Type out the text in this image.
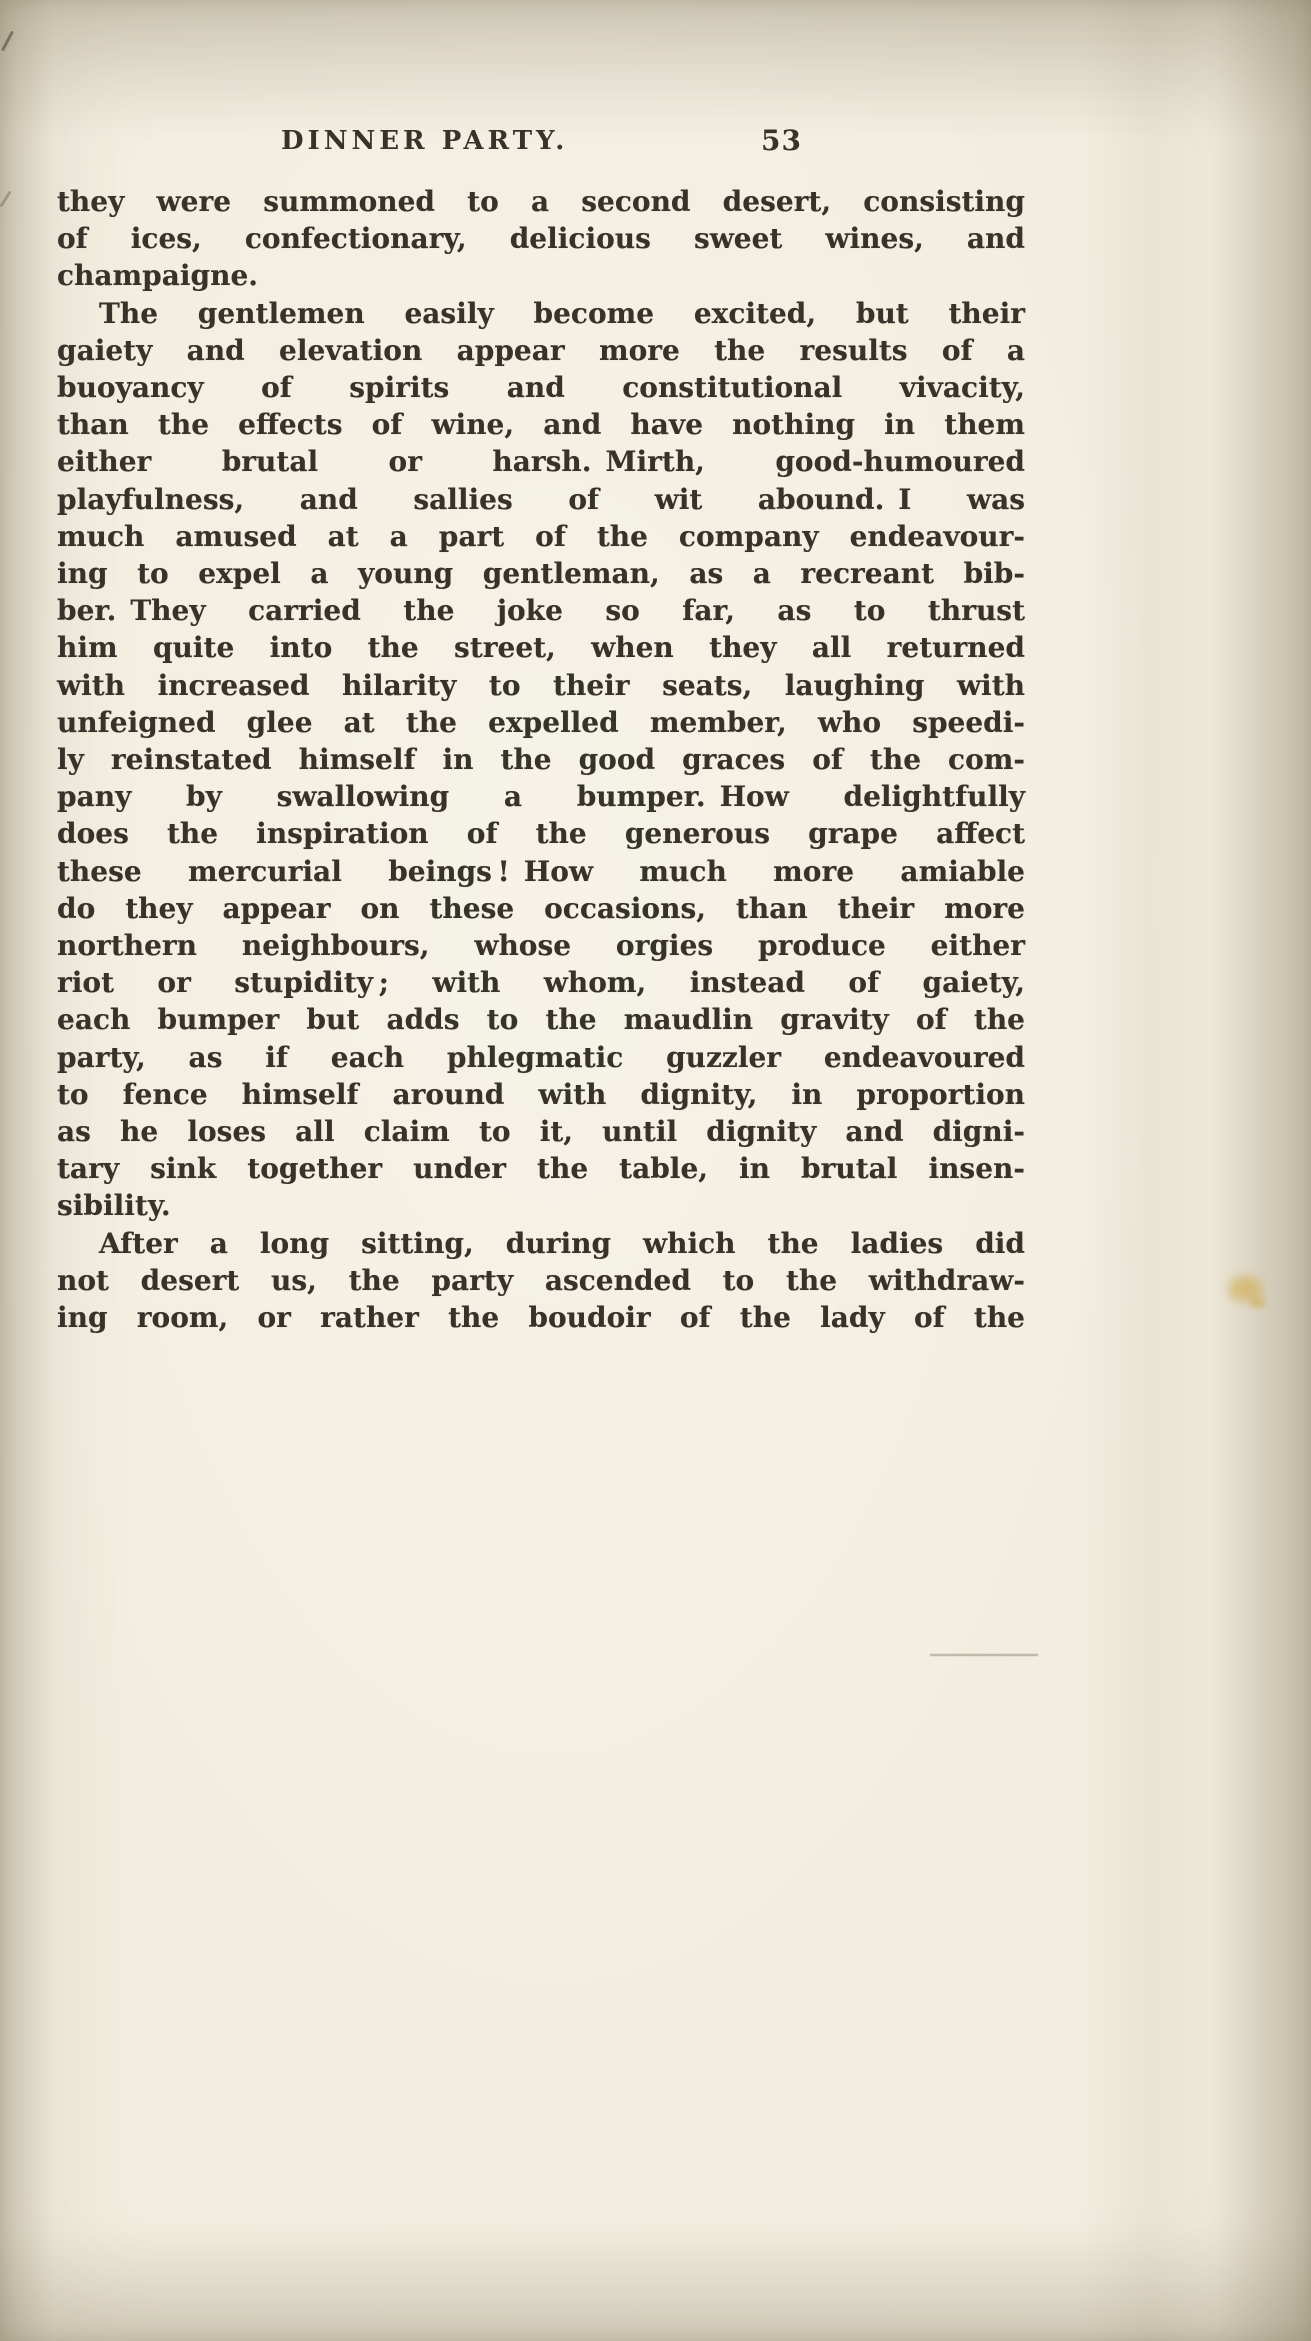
DINNER PARTY.	53
they were summoned to a second desert, consisting
of ices, confectionary, delicious sweet wines, and
champaigne.
The gentlemen easily become excited, but their
gaiety and elevation appear more the results of a
buoyancy of spirits and constitutional vivacity,
than the effects of wine, and have nothing in them
either brutal or harsh. Mirth, good-humoured
playfulness, and sallies of wit abound. I was
much amused at a part of the company endeavour-
ing to expel a young gentleman, as a recreant bib-
ber. They carried the joke so far, as to thrust
him quite into the street, when they all returned
with increased hilarity to their seats, laughing with
unfeigned glee at the expelled member, who speedi-
ly reinstated himself in the good graces of the com-
pany by swallowing a bumper. How delightfully
does the inspiration of the generous grape affect
these mercurial beings ! How much more amiable
do they appear on these occasions, than their more
northern neighbours, whose orgies produce either
riot or stupidity ; with whom, instead of gaiety,
each bumper but adds to the maudlin gravity of the
party, as if each phlegmatic guzzler endeavoured
to fence himself around with dignity, in proportion
as he loses all claim to it, until dignity and digni-
tary sink together under the table, in brutal insen-
sibility.
After a long sitting, during which the ladies did
not desert us, the party ascended to the withdraw-
ing room, or rather the boudoir of the lady of the
